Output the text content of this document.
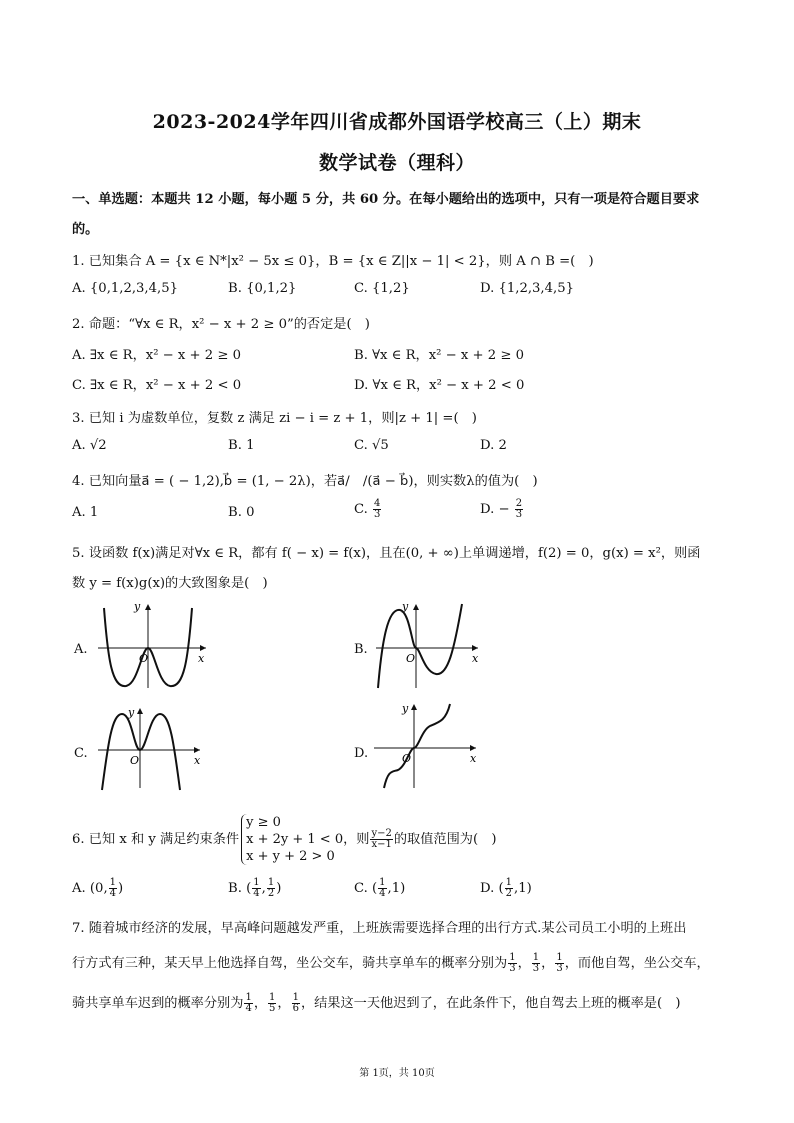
2023-2024学年四川省成都外国语学校高三（上）期末
数学试卷（理科）
一、单选题：本题共 12 小题，每小题 5 分，共 60 分。在每小题给出的选项中，只有一项是符合题目要求
的。
1. 已知集合 A = {x ∈ N*|x² − 5x ≤ 0}，B = {x ∈ Z||x − 1| < 2}，则 A ∩ B =(　)
A. {0,1,2,3,4,5}	B. {0,1,2}	C. {1,2}	D. {1,2,3,4,5}
2. 命题：“∀x ∈ R，x² − x + 2 ≥ 0”的否定是(　)
A. ∃x ∈ R，x² − x + 2 ≥ 0	B. ∀x ∈ R，x² − x + 2 ≥ 0
C. ∃x ∈ R，x² − x + 2 < 0	D. ∀x ∈ R，x² − x + 2 < 0
3. 已知 i 为虚数单位，复数 z 满足 zi − i = z + 1，则|z + 1| =(　)
A. √2	B. 1	C. √5	D. 2
4. 已知向量a⃗ = ( − 1,2),b⃗ = (1, − 2λ)，若a⃗/　/(a⃗ − b⃗)，则实数λ的值为(　)
A. 1	B. 0	C. $\frac{4}{3}$	D. − $\frac{2}{3}$
5. 设函数 f(x)满足对∀x ∈ R，都有 f( − x) = f(x)，且在(0, + ∞)上单调递增，f(2) = 0，g(x) = x²，则函
数 y = f(x)g(x)的大致图象是(　)
A.
y
x
O
B.
y
x
O
C.
y
x
O	D.
y
x
O
6. 已知 x 和 y 满足约束条件
y ≥ 0
x + 2y + 1 < 0
x + y + 2 > 0
，则 $\frac{y-2}{x-1}$ 的取值范围为(　)
A. (0, $\frac{1}{4}$ )	B. ( $\frac{1}{4}$ , $\frac{1}{2}$ )	C. ( $\frac{1}{4} ,1$)	D. ( $\frac{1}{2} ,1$)
7. 随着城市经济的发展，早高峰问题越发严重，上班族需要选择合理的出行方式.某公司员工小明的上班出
行方式有三种，某天早上他选择自驾，坐公交车，骑共享单车的概率分别为 $\frac{1}{3}$ ， $\frac{1}{3}$ ， $\frac{1}{3}$ ，而他自驾，坐公交车，
骑共享单车迟到的概率分别为 $\frac{1}{4}$ ， $\frac{1}{5}$ ， $\frac{1}{6}$ ，结果这一天他迟到了，在此条件下，他自驾去上班的概率是(　)
第 1页，共 10页
